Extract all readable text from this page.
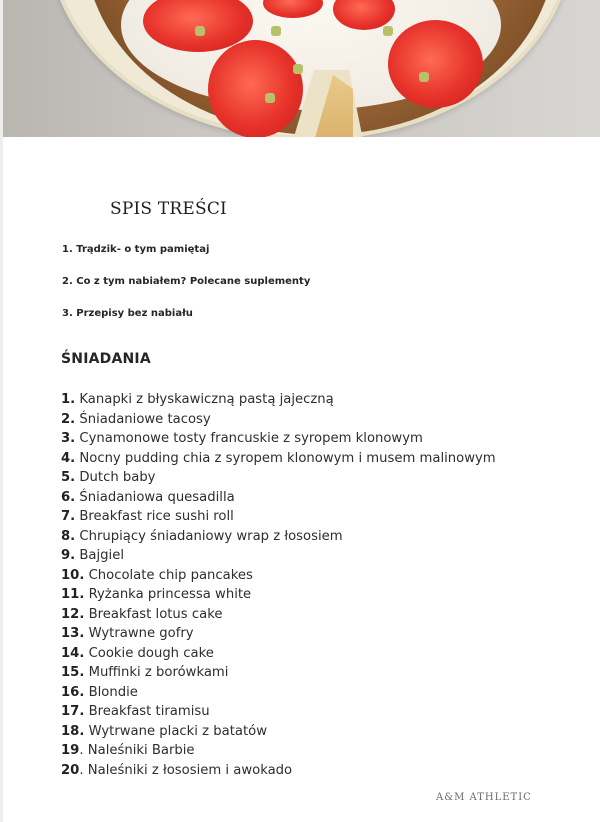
SPIS TREŚCI
1. Trądzik- o tym pamiętaj
2. Co z tym nabiałem? Polecane suplementy
3. Przepisy bez nabiału
ŚNIADANIA
1. Kanapki z błyskawiczną pastą jajeczną
2. Śniadaniowe tacosy
3. Cynamonowe tosty francuskie z syropem klonowym
4. Nocny pudding chia z syropem klonowym i musem malinowym
5. Dutch baby
6. Śniadaniowa quesadilla
7. Breakfast rice sushi roll
8. Chrupiący śniadaniowy wrap z łososiem
9. Bajgiel
10. Chocolate chip pancakes
11. Ryżanka princessa white
12. Breakfast lotus cake
13. Wytrawne gofry
14. Cookie dough cake
15. Muffinki z borówkami
16. Blondie
17. Breakfast tiramisu
18. Wytrwane placki z batatów
19. Naleśniki Barbie
20. Naleśniki z łososiem i awokado
A&M ATHLETIC
